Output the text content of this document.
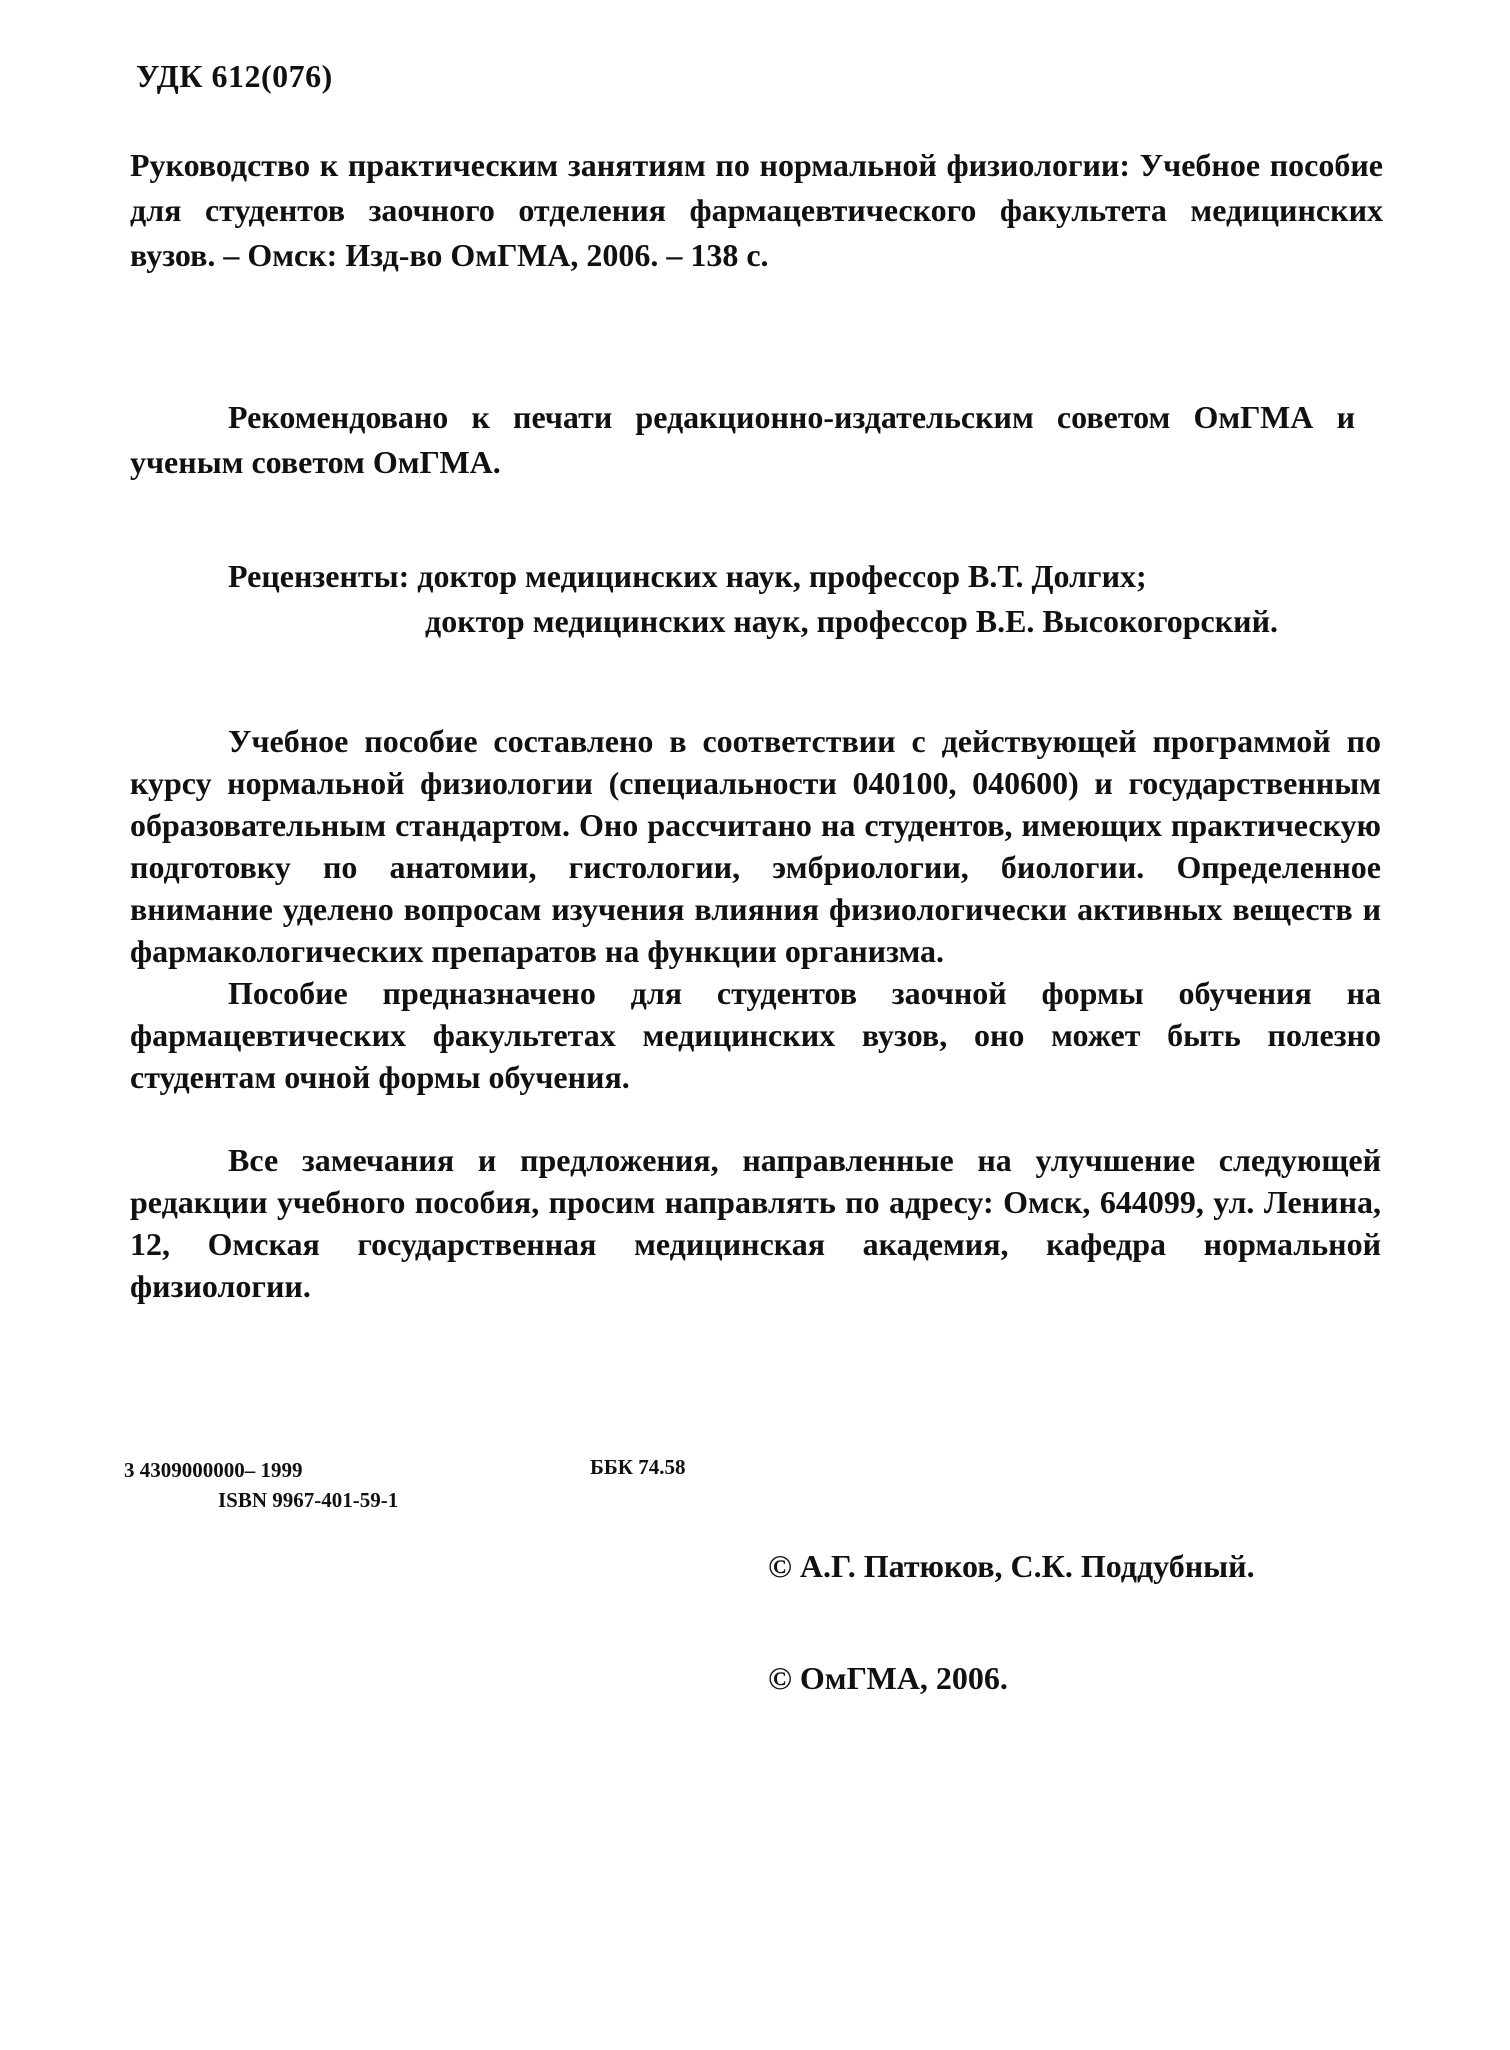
УДК 612(076)

Руководство к практическим занятиям по нормальной физиологии: Учебное пособие для студентов заочного отделения фармацевтического факультета медицинских вузов. – Омск: Изд-во ОмГМА, 2006. – 138 с.

Рекомендовано к печати редакционно-издательским советом ОмГМА и ученым советом ОмГМА.

Рецензенты: доктор медицинских наук, профессор В.Т. Долгих;
доктор медицинских наук, профессор В.Е. Высокогорский.

Учебное пособие составлено в соответствии с действующей программой по курсу нормальной физиологии (специальности 040100, 040600) и государственным образовательным стандартом. Оно рассчитано на студентов, имеющих практическую подготовку по анатомии, гистологии, эмбриологии, биологии. Определенное внимание уделено вопросам изучения влияния физиологически активных веществ и фармакологических препаратов на функции организма.

Пособие предназначено для студентов заочной формы обучения на фармацевтических факультетах медицинских вузов, оно может быть полезно студентам очной формы обучения.

Все замечания и предложения, направленные на улучшение следующей редакции учебного пособия, просим направлять по адресу: Омск, 644099, ул. Ленина, 12, Омская государственная медицинская академия, кафедра нормальной физиологии.

3 4309000000– 1999
ISBN 9967-401-59-1
ББК 74.58
© А.Г. Патюков, С.К. Поддубный.
© ОмГМА, 2006.
